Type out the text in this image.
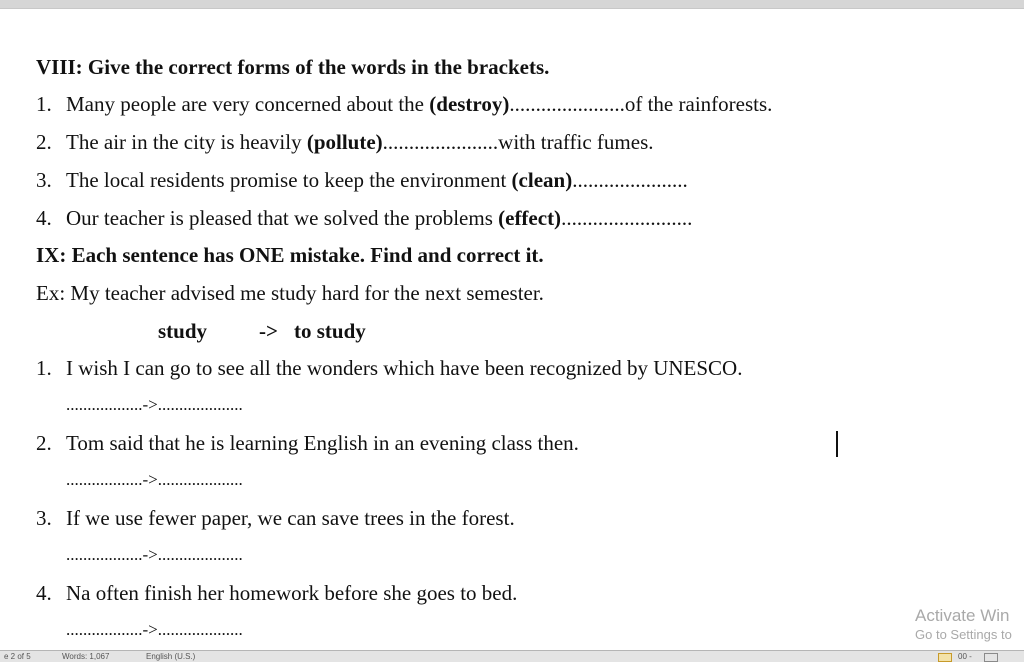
VIII: Give the correct forms of the words in the brackets.
1. Many people are very concerned about the (destroy)......................of the rainforests.
2. The air in the city is heavily (pollute)......................with traffic fumes.
3. The local residents promise to keep the environment (clean)......................
4. Our teacher is pleased that we solved the problems (effect).........................
IX: Each sentence has ONE mistake. Find and correct it.
Ex: My teacher advised me study hard for the next semester.
study -> to study
1. I wish I can go to see all the wonders which have been recognized by UNESCO.
..................->....................
2. Tom said that he is learning English in an evening class then.
..................->....................
3. If we use fewer paper, we can save trees in the forest.
..................->....................
4. Na often finish her homework before she goes to bed.
..................->....................
Activate Win
Go to Settings to
e 2 of 5	Words: 1,067	English (U.S.)	00 -
